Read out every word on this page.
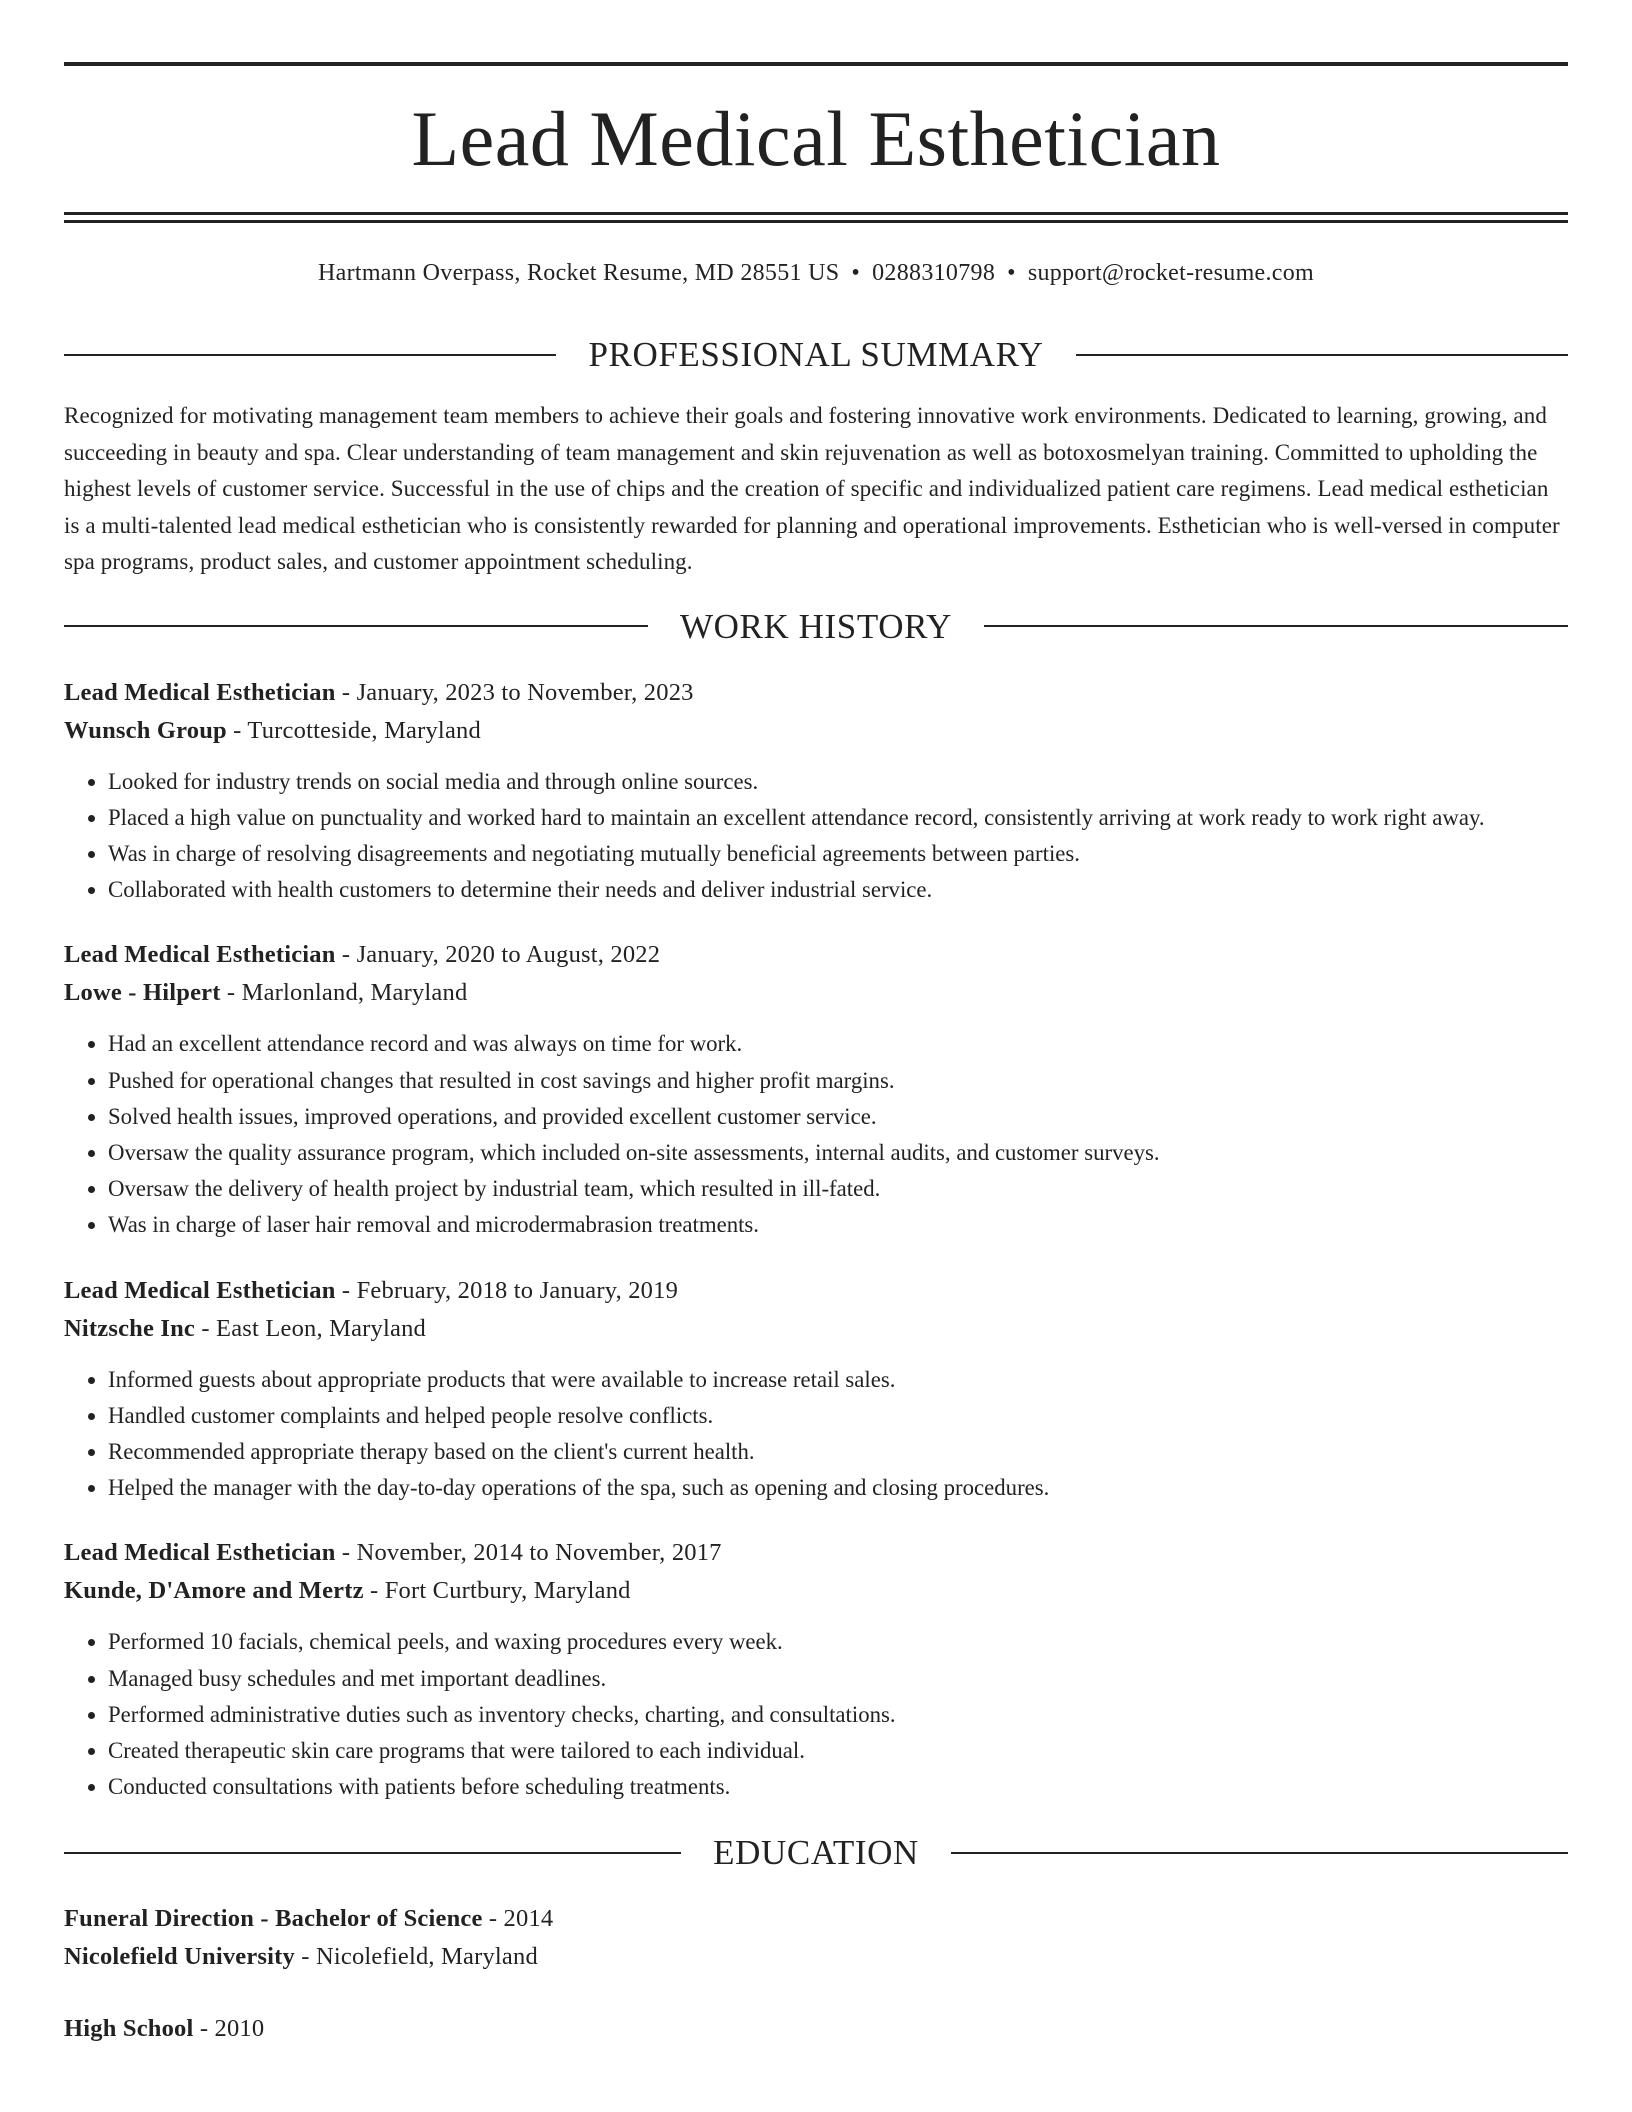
Lead Medical Esthetician
Hartmann Overpass, Rocket Resume, MD 28551 US • 0288310798 • support@rocket-resume.com
PROFESSIONAL SUMMARY

Recognized for motivating management team members to achieve their goals and fostering innovative work environments. Dedicated to learning, growing, and succeeding in beauty and spa. Clear understanding of team management and skin rejuvenation as well as botoxosmelyan training. Committed to upholding the highest levels of customer service. Successful in the use of chips and the creation of specific and individualized patient care regimens. Lead medical esthetician is a multi-talented lead medical esthetician who is consistently rewarded for planning and operational improvements. Esthetician who is well-versed in computer spa programs, product sales, and customer appointment scheduling.

WORK HISTORY
Lead Medical Esthetician - January, 2023 to November, 2023
Wunsch Group - Turcotteside, Maryland
• Looked for industry trends on social media and through online sources.
• Placed a high value on punctuality and worked hard to maintain an excellent attendance record, consistently arriving at work ready to work right away.
• Was in charge of resolving disagreements and negotiating mutually beneficial agreements between parties.
• Collaborated with health customers to determine their needs and deliver industrial service.
Lead Medical Esthetician - January, 2020 to August, 2022
Lowe - Hilpert - Marlonland, Maryland
• Had an excellent attendance record and was always on time for work.
• Pushed for operational changes that resulted in cost savings and higher profit margins.
• Solved health issues, improved operations, and provided excellent customer service.
• Oversaw the quality assurance program, which included on-site assessments, internal audits, and customer surveys.
• Oversaw the delivery of health project by industrial team, which resulted in ill-fated.
• Was in charge of laser hair removal and microdermabrasion treatments.
Lead Medical Esthetician - February, 2018 to January, 2019
Nitzsche Inc - East Leon, Maryland
• Informed guests about appropriate products that were available to increase retail sales.
• Handled customer complaints and helped people resolve conflicts.
• Recommended appropriate therapy based on the client's current health.
• Helped the manager with the day-to-day operations of the spa, such as opening and closing procedures.
Lead Medical Esthetician - November, 2014 to November, 2017
Kunde, D'Amore and Mertz - Fort Curtbury, Maryland
• Performed 10 facials, chemical peels, and waxing procedures every week.
• Managed busy schedules and met important deadlines.
• Performed administrative duties such as inventory checks, charting, and consultations.
• Created therapeutic skin care programs that were tailored to each individual.
• Conducted consultations with patients before scheduling treatments.
EDUCATION
Funeral Direction - Bachelor of Science - 2014
Nicolefield University - Nicolefield, Maryland
High School - 2010
